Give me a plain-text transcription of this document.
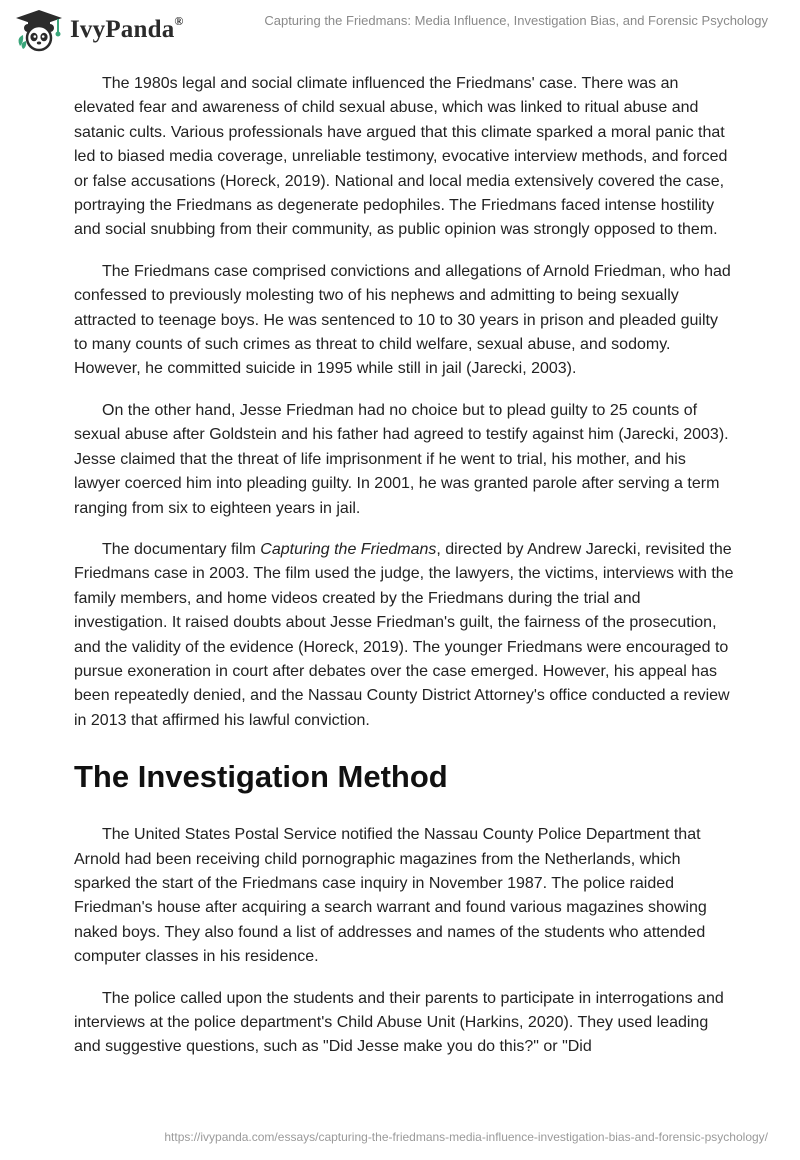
IvyPanda®	Capturing the Friedmans: Media Influence, Investigation Bias, and Forensic Psychology

The 1980s legal and social climate influenced the Friedmans' case. There was an elevated fear and awareness of child sexual abuse, which was linked to ritual abuse and satanic cults. Various professionals have argued that this climate sparked a moral panic that led to biased media coverage, unreliable testimony, evocative interview methods, and forced or false accusations (Horeck, 2019). National and local media extensively covered the case, portraying the Friedmans as degenerate pedophiles. The Friedmans faced intense hostility and social snubbing from their community, as public opinion was strongly opposed to them.

The Friedmans case comprised convictions and allegations of Arnold Friedman, who had confessed to previously molesting two of his nephews and admitting to being sexually attracted to teenage boys. He was sentenced to 10 to 30 years in prison and pleaded guilty to many counts of such crimes as threat to child welfare, sexual abuse, and sodomy. However, he committed suicide in 1995 while still in jail (Jarecki, 2003).

On the other hand, Jesse Friedman had no choice but to plead guilty to 25 counts of sexual abuse after Goldstein and his father had agreed to testify against him (Jarecki, 2003). Jesse claimed that the threat of life imprisonment if he went to trial, his mother, and his lawyer coerced him into pleading guilty. In 2001, he was granted parole after serving a term ranging from six to eighteen years in jail.

The documentary film Capturing the Friedmans, directed by Andrew Jarecki, revisited the Friedmans case in 2003. The film used the judge, the lawyers, the victims, interviews with the family members, and home videos created by the Friedmans during the trial and investigation. It raised doubts about Jesse Friedman's guilt, the fairness of the prosecution, and the validity of the evidence (Horeck, 2019). The younger Friedmans were encouraged to pursue exoneration in court after debates over the case emerged. However, his appeal has been repeatedly denied, and the Nassau County District Attorney's office conducted a review in 2013 that affirmed his lawful conviction.

The Investigation Method

The United States Postal Service notified the Nassau County Police Department that Arnold had been receiving child pornographic magazines from the Netherlands, which sparked the start of the Friedmans case inquiry in November 1987. The police raided Friedman's house after acquiring a search warrant and found various magazines showing naked boys. They also found a list of addresses and names of the students who attended computer classes in his residence.

The police called upon the students and their parents to participate in interrogations and interviews at the police department's Child Abuse Unit (Harkins, 2020). They used leading and suggestive questions, such as "Did Jesse make you do this?" or "Did

https://ivypanda.com/essays/capturing-the-friedmans-media-influence-investigation-bias-and-forensic-psychology/
